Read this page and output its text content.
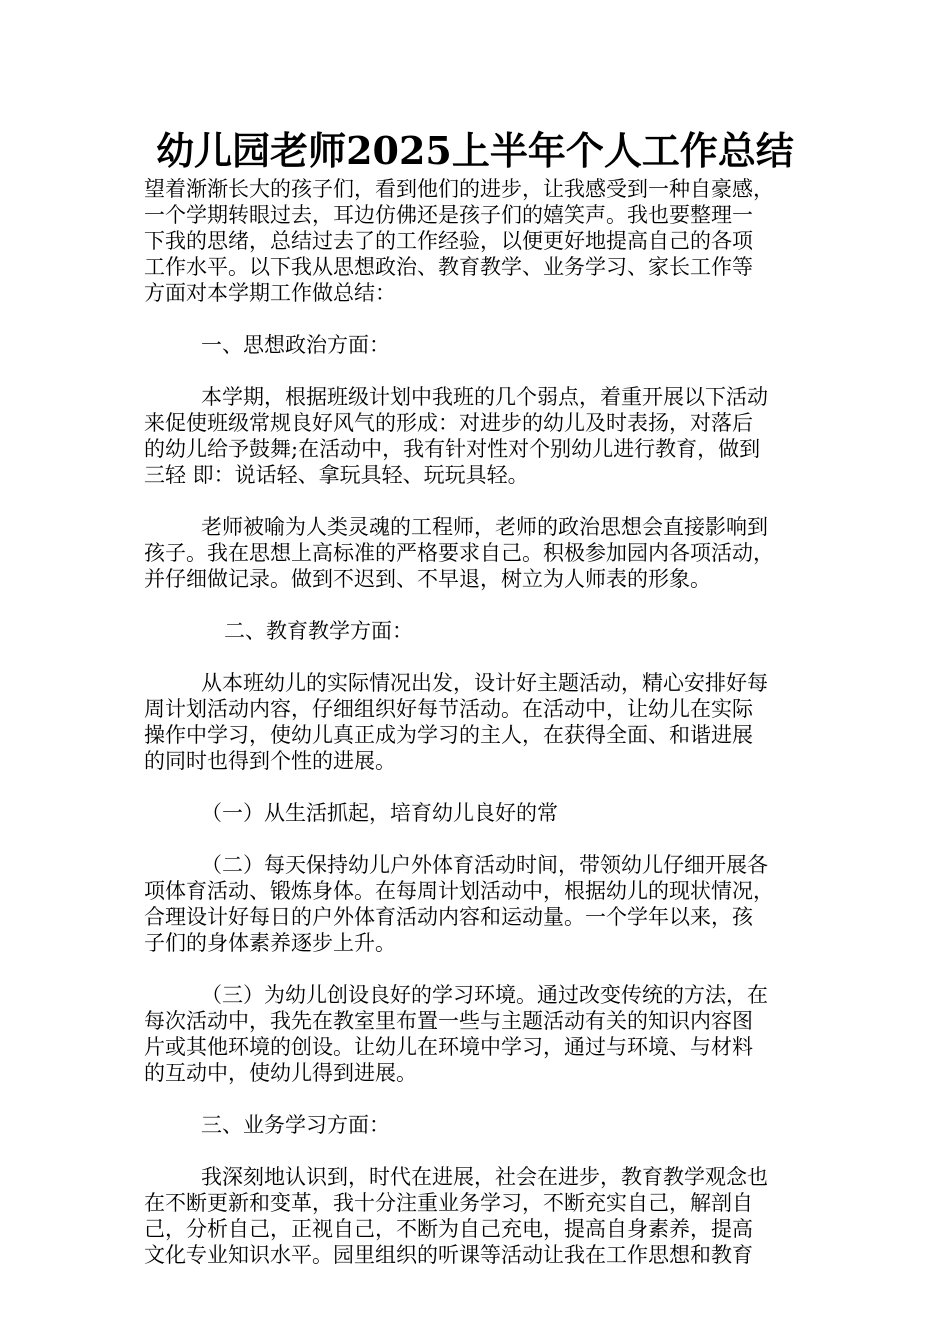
幼儿园老师2025上半年个人工作总结
望着渐渐长大的孩子们，看到他们的进步，让我感受到一种自豪感，
一个学期转眼过去，耳边仿佛还是孩子们的嬉笑声。我也要整理一
下我的思绪，总结过去了的工作经验，以便更好地提高自己的各项
工作水平。以下我从思想政治、教育教学、业务学习、家长工作等
方面对本学期工作做总结：
一、思想政治方面：
本学期，根据班级计划中我班的几个弱点，着重开展以下活动
来促使班级常规良好风气的形成：对进步的幼儿及时表扬，对落后
的幼儿给予鼓舞;在活动中，我有针对性对个别幼儿进行教育，做到
三轻 即：说话轻、拿玩具轻、玩玩具轻。
老师被喻为人类灵魂的工程师，老师的政治思想会直接影响到
孩子。我在思想上高标准的严格要求自己。积极参加园内各项活动，
并仔细做记录。做到不迟到、不早退，树立为人师表的形象。
二、教育教学方面：
从本班幼儿的实际情况出发，设计好主题活动，精心安排好每
周计划活动内容，仔细组织好每节活动。在活动中，让幼儿在实际
操作中学习，使幼儿真正成为学习的主人，在获得全面、和谐进展
的同时也得到个性的进展。
（一）从生活抓起，培育幼儿良好的常
（二）每天保持幼儿户外体育活动时间，带领幼儿仔细开展各
项体育活动、锻炼身体。在每周计划活动中，根据幼儿的现状情况，
合理设计好每日的户外体育活动内容和运动量。一个学年以来，孩
子们的身体素养逐步上升。
（三）为幼儿创设良好的学习环境。通过改变传统的方法，在
每次活动中，我先在教室里布置一些与主题活动有关的知识内容图
片或其他环境的创设。让幼儿在环境中学习，通过与环境、与材料
的互动中，使幼儿得到进展。
三、业务学习方面：
我深刻地认识到，时代在进展，社会在进步，教育教学观念也
在不断更新和变革，我十分注重业务学习，不断充实自己，解剖自
己，分析自己，正视自己，不断为自己充电，提高自身素养，提高
文化专业知识水平。园里组织的听课等活动让我在工作思想和教育
